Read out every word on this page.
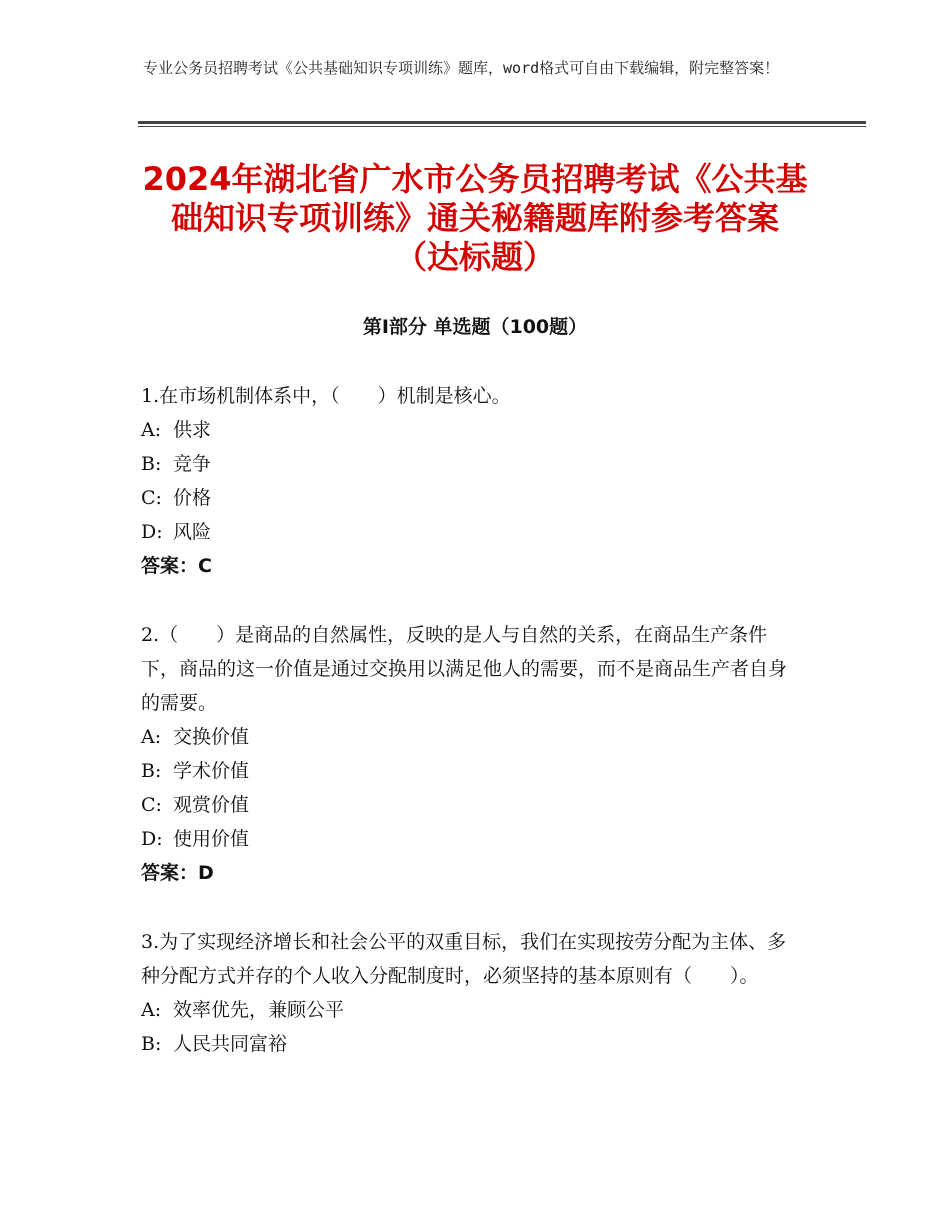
专业公务员招聘考试《公共基础知识专项训练》题库，word格式可自由下载编辑，附完整答案！
2024年湖北省广水市公务员招聘考试《公共基础知识专项训练》通关秘籍题库附参考答案（达标题）
第Ⅰ部分 单选题（100题）

1.在市场机制体系中，（　　）机制是核心。

A: 供求
B: 竞争
C: 价格
D: 风险
答案：C

2.（　　）是商品的自然属性，反映的是人与自然的关系，在商品生产条件下，商品的这一价值是通过交换用以满足他人的需要，而不是商品生产者自身的需要。

A: 交换价值
B: 学术价值
C: 观赏价值
D: 使用价值
答案：D

3.为了实现经济增长和社会公平的双重目标，我们在实现按劳分配为主体、多种分配方式并存的个人收入分配制度时，必须坚持的基本原则有（　　）。

A: 效率优先，兼顾公平
B: 人民共同富裕
